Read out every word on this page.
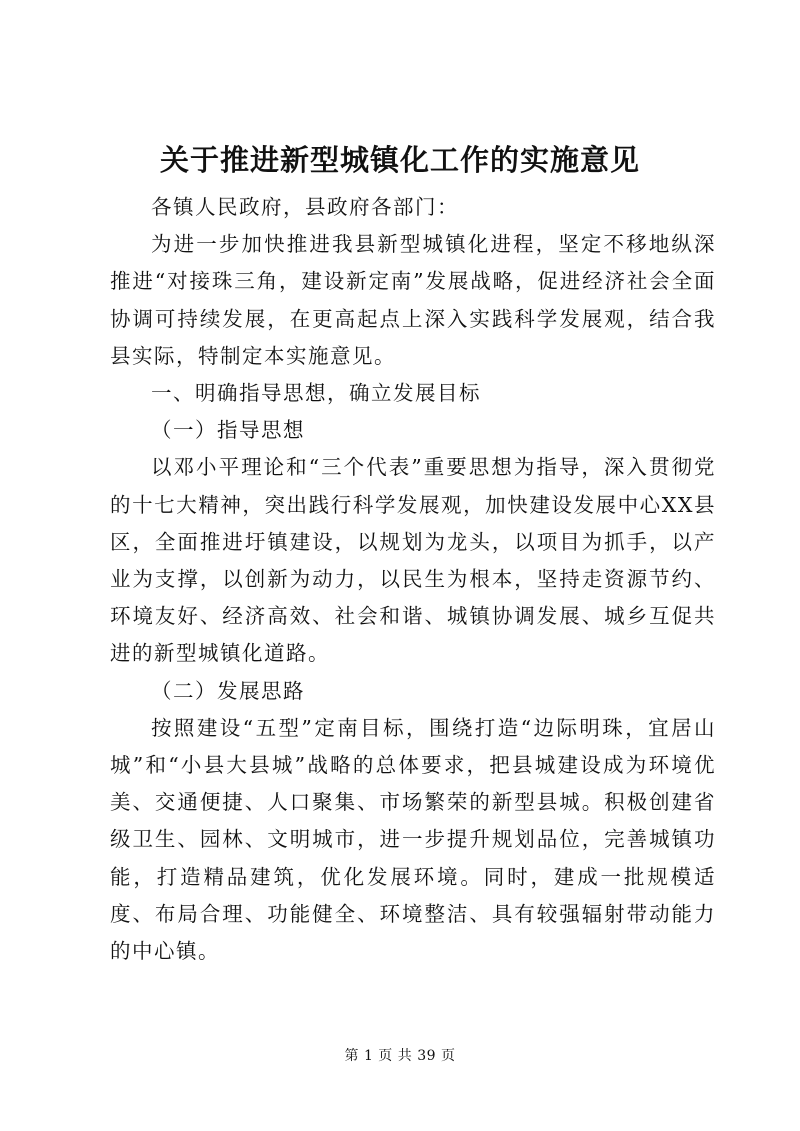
关于推进新型城镇化工作的实施意见

各镇人民政府，县政府各部门：

为进一步加快推进我县新型城镇化进程，坚定不移地纵深推进“对接珠三角，建设新定南”发展战略，促进经济社会全面协调可持续发展，在更高起点上深入实践科学发展观，结合我县实际，特制定本实施意见。

一、明确指导思想，确立发展目标

（一）指导思想

以邓小平理论和“三个代表”重要思想为指导，深入贯彻党的十七大精神，突出践行科学发展观，加快建设发展中心XX县区，全面推进圩镇建设，以规划为龙头，以项目为抓手，以产业为支撑，以创新为动力，以民生为根本，坚持走资源节约、环境友好、经济高效、社会和谐、城镇协调发展、城乡互促共进的新型城镇化道路。

（二）发展思路

按照建设“五型”定南目标，围绕打造“边际明珠，宜居山城”和“小县大县城”战略的总体要求，把县城建设成为环境优美、交通便捷、人口聚集、市场繁荣的新型县城。积极创建省级卫生、园林、文明城市，进一步提升规划品位，完善城镇功能，打造精品建筑，优化发展环境。同时，建成一批规模适度、布局合理、功能健全、环境整洁、具有较强辐射带动能力的中心镇。

第 1 页 共 39 页
